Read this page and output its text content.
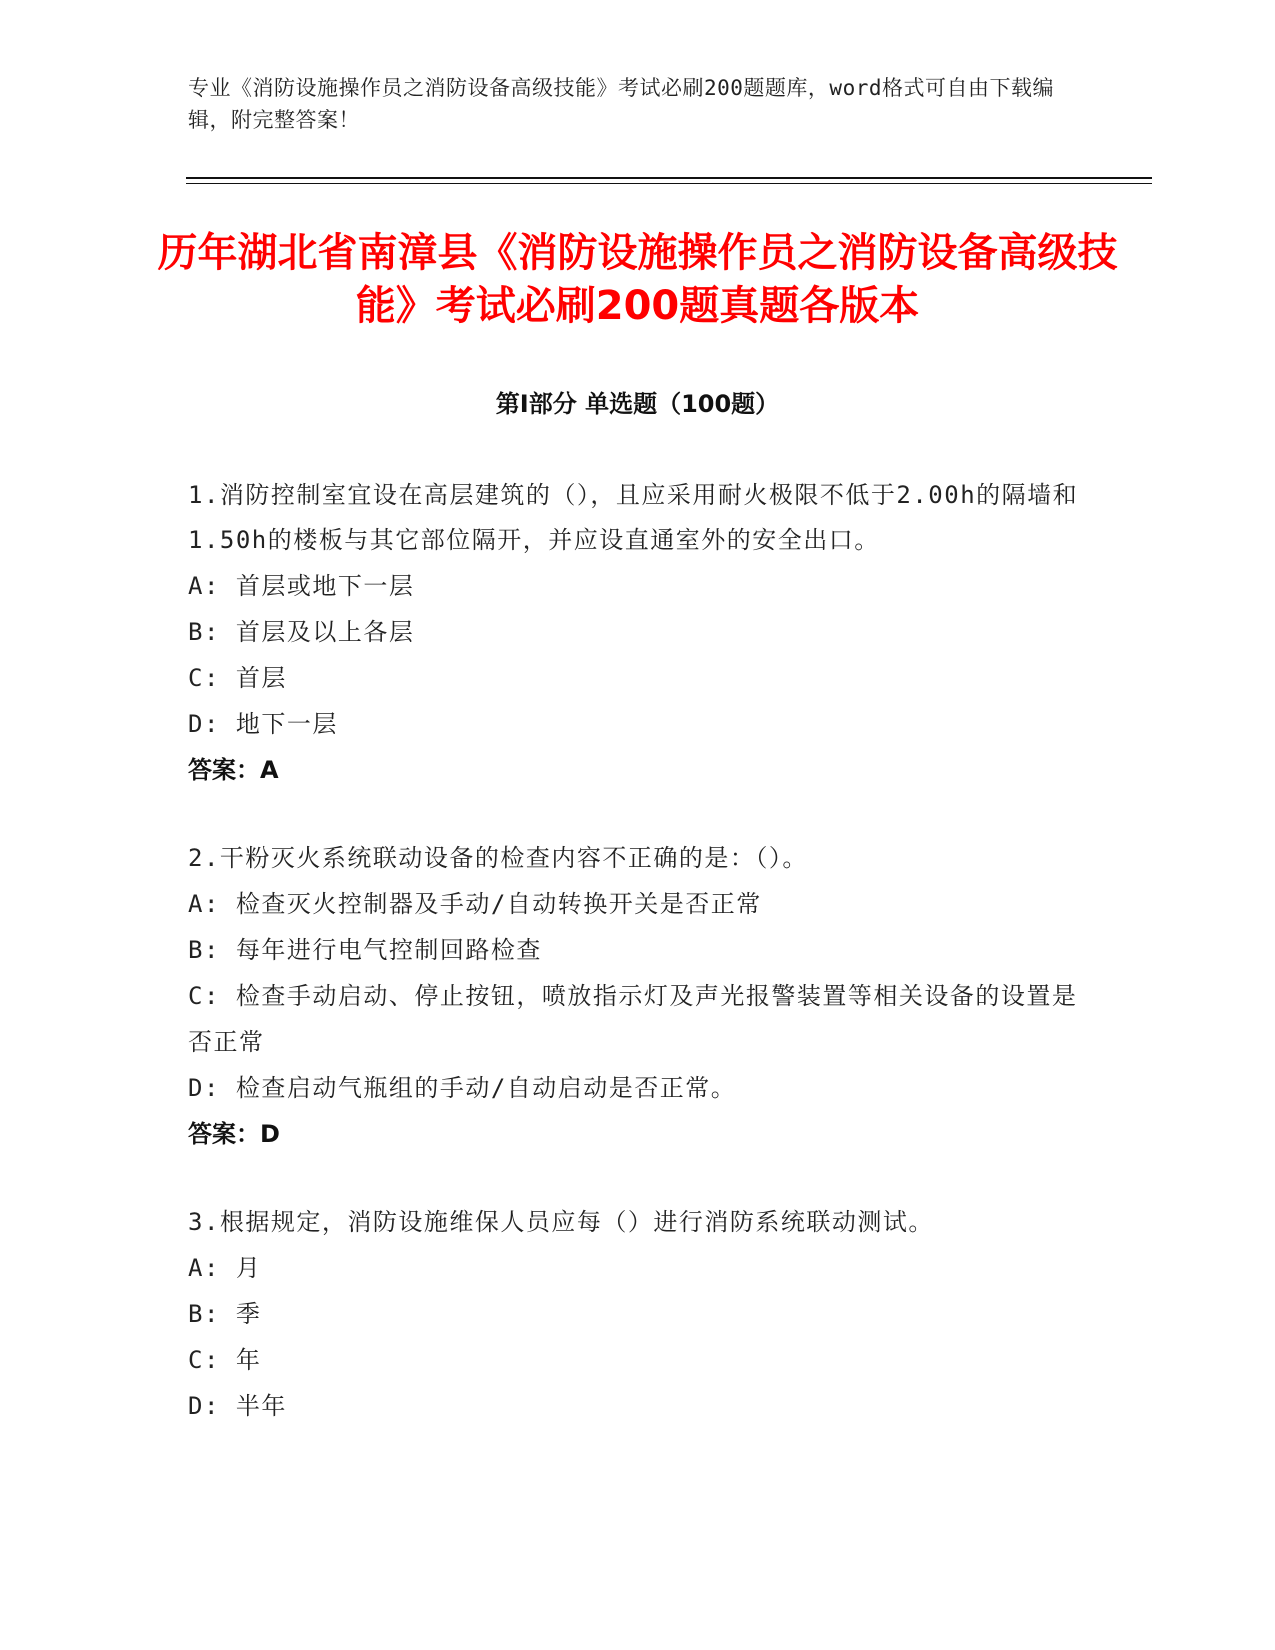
专业《消防设施操作员之消防设备高级技能》考试必刷200题题库，word格式可自由下载编辑，附完整答案！
历年湖北省南漳县《消防设施操作员之消防设备高级技能》考试必刷200题真题各版本
第I部分 单选题（100题）
1.消防控制室宜设在高层建筑的（），且应采用耐火极限不低于2.00h的隔墙和1.50h的楼板与其它部位隔开，并应设直通室外的安全出口。
A: 首层或地下一层
B: 首层及以上各层
C: 首层
D: 地下一层
答案：A
2.干粉灭火系统联动设备的检查内容不正确的是：（）。
A: 检查灭火控制器及手动/自动转换开关是否正常
B: 每年进行电气控制回路检查
C: 检查手动启动、停止按钮，喷放指示灯及声光报警装置等相关设备的设置是否正常
D: 检查启动气瓶组的手动/自动启动是否正常。
答案：D
3.根据规定，消防设施维保人员应每（）进行消防系统联动测试。
A: 月
B: 季
C: 年
D: 半年
